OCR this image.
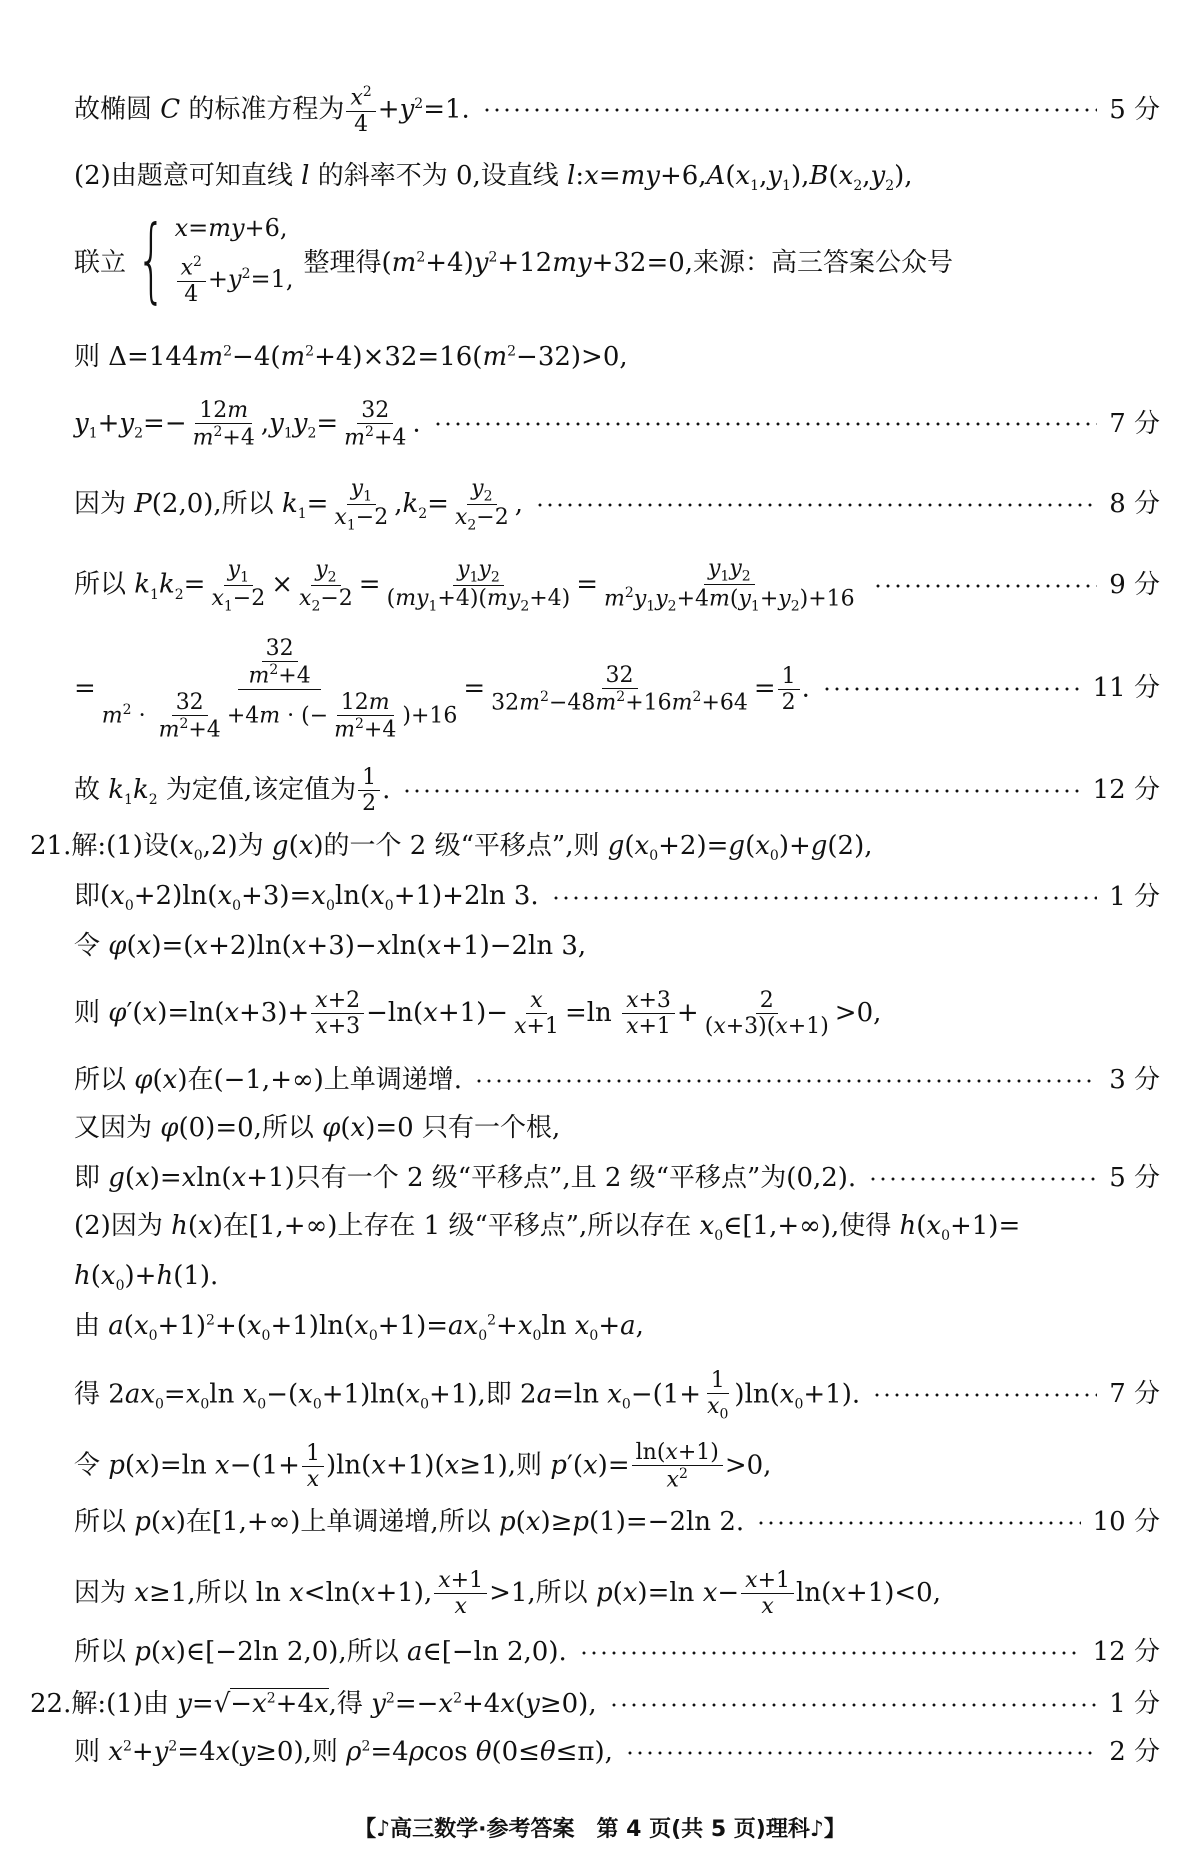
故椭圆 C 的标准方程为 $\frac{x^2}{4} +y^2=1$.	5 分
(2)由题意可知直线 l 的斜率不为 0,设直线 $l:x=my+6,A(x_1,y_1),B(x_2,y_2)$,
联立 { x=my+6,
$\frac{x^2}{4} +y^2=1$,
整理得$(m^2+4)y^2+12my+32=0$,来源：高三答案公众号
则 $\Delta=144m^2-4(m^2+4)\times 32=16(m^2-32)>0$,
$y_1+y_2=- \frac{12m}{m^2+4} ,y_1y_2= \frac{32}{m^2+4}$ .	7 分
因为 P(2,0),所以 $k_1= \frac{y_1}{x_1-2} ,k_2= \frac{y_2}{x_2-2}$ ,	8 分
所以 $k_1k_2= \frac{y_1}{x_1-2} \times \frac{y_2}{x_2-2} = \frac{y_1y_2}{(my_1+4)(my_2+4)} = \frac{y_1y_2}{m^2y_1y_2+4m(y_1+y_2)+16}$	9 分
= $\frac{\frac{32}{m^2+4}}{m^2 \cdot \frac{32}{m^2+4} +4m \cdot (- \frac{12m}{m^2+4} )+16} = \frac{32}{32m^2-48m^2+16m^2+64} = \frac{1}{2}$ .	11 分
故 $k_1k_2$ 为定值,该定值为 $\frac{1}{2}$ .	12 分
21.解:(1)设$(x_0,2)$为 g(x)的一个 2 级“平移点”,则 $g(x_0+2)=g(x_0)+g(2)$,
即$(x_0+2)\ln(x_0+3)=x_0\ln(x_0+1)+2\ln$ 3.	1 分
令 φ(x)=(x+2)ln(x+3)−xln(x+1)−2ln 3,
则 $\varphi'(x)=\ln(x+3)+ \frac{x+2}{x+3} -\ln(x+1)- \frac{x}{x+1} =\ln \frac{x+3}{x+1} + \frac{2}{(x+3)(x+1)} >0$,
所以 φ(x)在(−1,+∞)上单调递增.	3 分
又因为 φ(0)=0,所以 φ(x)=0 只有一个根,
即 g(x)=xln(x+1)只有一个 2 级“平移点”,且 2 级“平移点”为(0,2).	5 分
(2)因为 h(x)在[1,+∞)上存在 1 级“平移点”,所以存在 $x_0\in[1,+\infty)$,使得 $h(x_0+1)=$
$h(x_0)+h(1)$.
由 $a(x_0+1)^2+(x_0+1)\ln(x_0+1)=ax_0^2+x_0\ln$ $x_0+a$,
得 $2ax_0=x_0\ln$ $x_0-(x_0+1)\ln(x_0+1)$,即 2a=ln $x_0-(1+ \frac{1}{x_0} )\ln(x_0+1)$.	7 分
令 p(x)=ln $x-(1+ \frac{1}{x} )\ln(x+1)(x\ge 1)$,则 $p'(x)= \frac{\ln(x+1)}{x^2} >0$,
所以 p(x)在[1,+∞)上单调递增,所以 p(x)≥p(1)=−2ln 2.	10 分
因为 x≥1,所以 ln x<ln(x+1), $\frac{x+1}{x} >1$,所以 p(x)=ln $x- \frac{x+1}{x} \ln(x+1)<0$,
所以 p(x)∈[−2ln 2,0),所以 a∈[−ln 2,0).	12 分
22.解:(1)由 $y=√-x^2+4x$,得 $y^2=-x^2+4x(y\ge 0)$,	1 分
则 $x^2+y^2=4x(y\ge 0)$,则 $\rho^2=4\rho\cos$ θ(0≤θ≤π),	2 分
【♪高三数学·参考答案　第 4 页(共 5 页)理科♪】
